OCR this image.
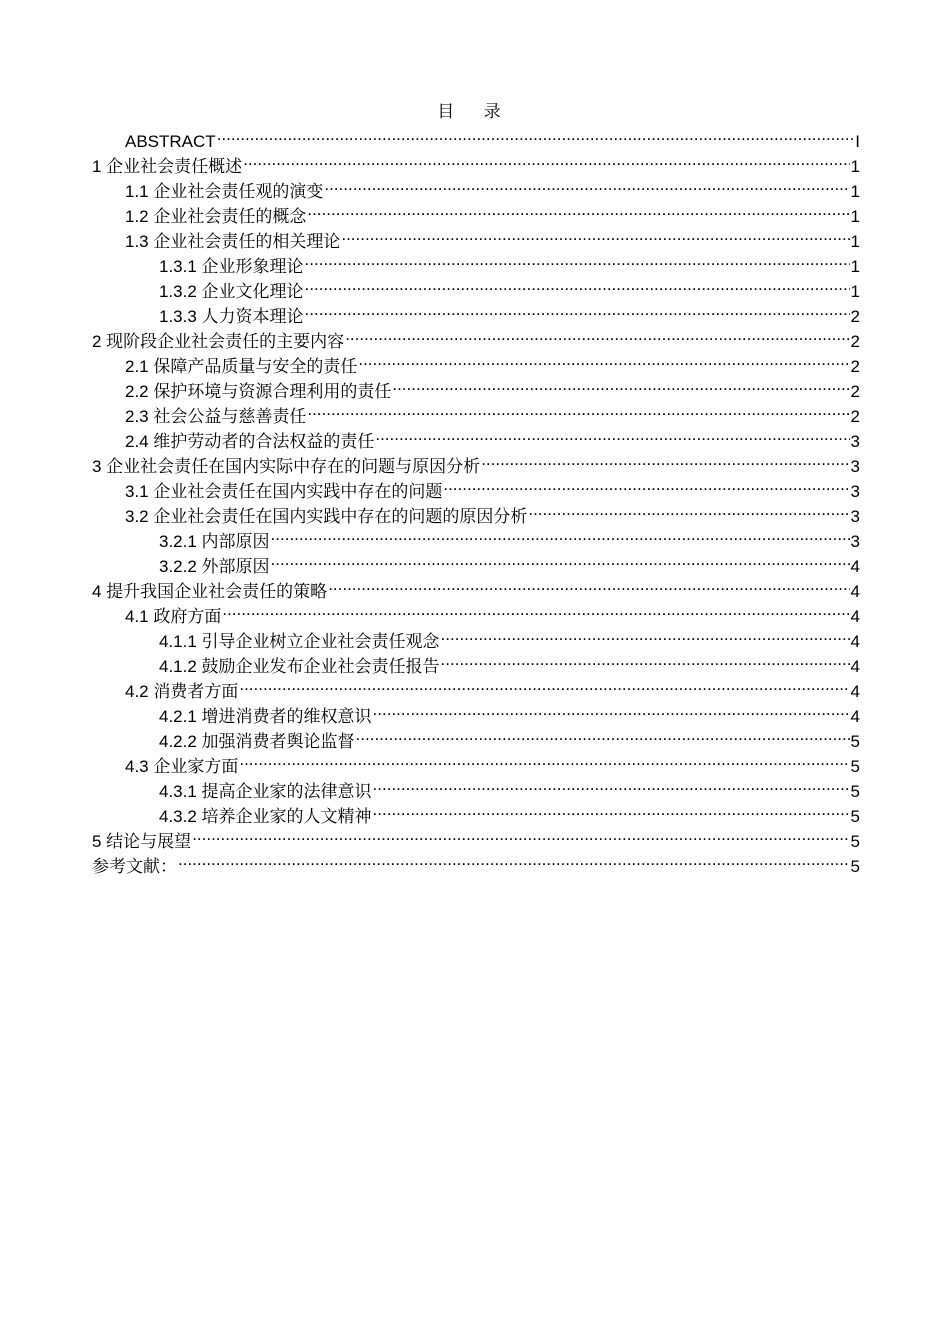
目 录
ABSTRACT .....	I
1 企业社会责任概述 .....	1
1.1 企业社会责任观的演变 .....	1
1.2 企业社会责任的概念 .....	1
1.3 企业社会责任的相关理论 .....	1
1.3.1 企业形象理论 .....	1
1.3.2 企业文化理论 .....	1
1.3.3 人力资本理论 .....	2
2 现阶段企业社会责任的主要内容 .....	2
2.1 保障产品质量与安全的责任 .....	2
2.2 保护环境与资源合理利用的责任 .....	2
2.3 社会公益与慈善责任 .....	2
2.4 维护劳动者的合法权益的责任 .....	3
3 企业社会责任在国内实际中存在的问题与原因分析 .....	3
3.1 企业社会责任在国内实践中存在的问题 .....	3
3.2 企业社会责任在国内实践中存在的问题的原因分析 .....	3
3.2.1 内部原因 .....	3
3.2.2 外部原因 .....	4
4 提升我国企业社会责任的策略 .....	4
4.1 政府方面 .....	4
4.1.1 引导企业树立企业社会责任观念 .....	4
4.1.2 鼓励企业发布企业社会责任报告 .....	4
4.2 消费者方面 .....	4
4.2.1 增进消费者的维权意识 .....	4
4.2.2 加强消费者舆论监督 .....	5
4.3 企业家方面 .....	5
4.3.1 提高企业家的法律意识 .....	5
4.3.2 培养企业家的人文精神 .....	5
5 结论与展望 .....	5
参考文献： .....	5
